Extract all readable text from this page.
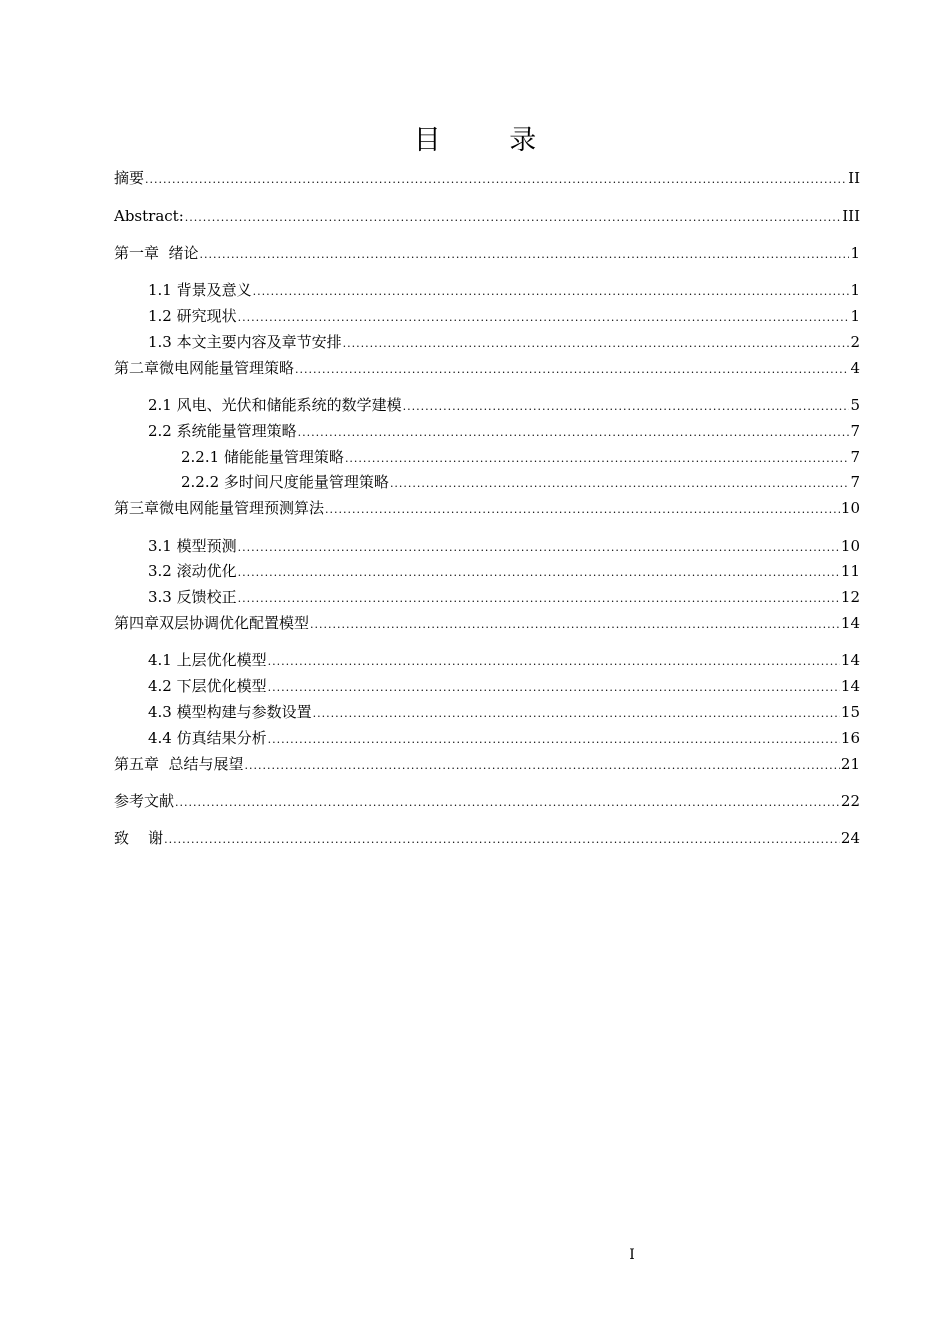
目 录
摘要 .....	II
Abstract: .....	III
第一章  绪论 .....	1
1.1 背景及意义 .....	1
1.2 研究现状 .....	1
1.3 本文主要内容及章节安排 .....	2
第二章微电网能量管理策略 .....	4
2.1 风电、光伏和储能系统的数学建模 .....	5
2.2 系统能量管理策略 .....	7
2.2.1 储能能量管理策略 .....	7
2.2.2 多时间尺度能量管理策略 .....	7
第三章微电网能量管理预测算法 .....	10
3.1 模型预测 .....	10
3.2 滚动优化 .....	11
3.3 反馈校正 .....	12
第四章双层协调优化配置模型 .....	14
4.1 上层优化模型 .....	14
4.2 下层优化模型 .....	14
4.3 模型构建与参数设置 .....	15
4.4 仿真结果分析 .....	16
第五章  总结与展望 .....	21
参考文献 .....	22
致    谢 .....	24
I
